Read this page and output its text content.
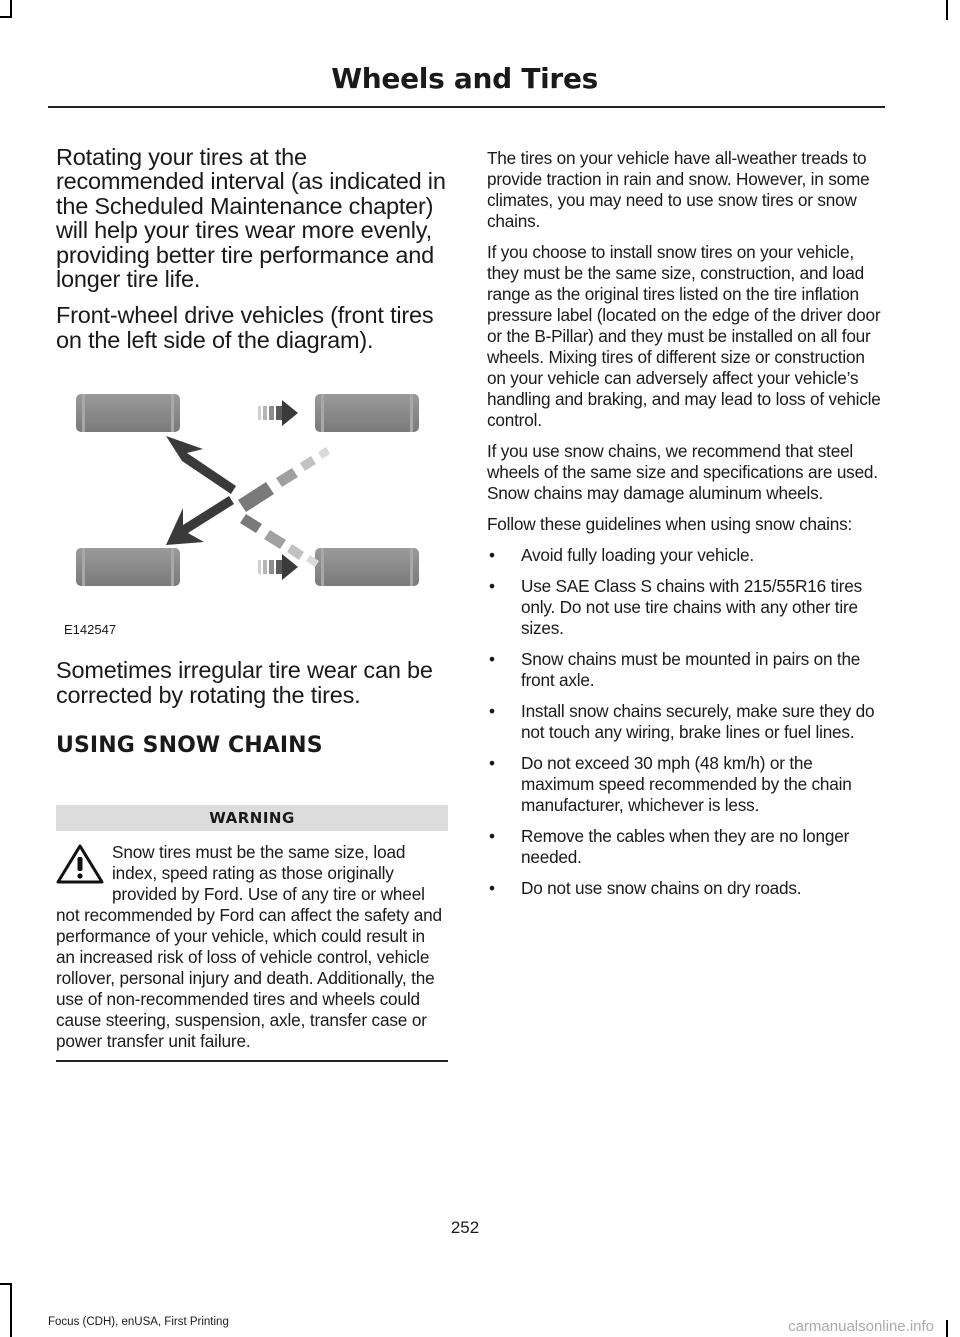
Wheels and Tires

Rotating your tires at the recommended interval (as indicated in the Scheduled Maintenance chapter) will help your tires wear more evenly, providing better tire performance and longer tire life.

Front-wheel drive vehicles (front tires on the left side of the diagram).

E142547

Sometimes irregular tire wear can be corrected by rotating the tires.

USING SNOW CHAINS
WARNING
Snow tires must be the same size, load index, speed rating as those originally provided by Ford. Use of any tire or wheel not recommended by Ford can affect the safety and performance of your vehicle, which could result in an increased risk of loss of vehicle control, vehicle rollover, personal injury and death. Additionally, the use of non-recommended tires and wheels could cause steering, suspension, axle, transfer case or power transfer unit failure.

The tires on your vehicle have all-weather treads to provide traction in rain and snow. However, in some climates, you may need to use snow tires or snow chains.

If you choose to install snow tires on your vehicle, they must be the same size, construction, and load range as the original tires listed on the tire inflation pressure label (located on the edge of the driver door or the B-Pillar) and they must be installed on all four wheels. Mixing tires of different size or construction on your vehicle can adversely affect your vehicle’s handling and braking, and may lead to loss of vehicle control.

If you use snow chains, we recommend that steel wheels of the same size and specifications are used. Snow chains may damage aluminum wheels.

Follow these guidelines when using snow chains:

• Avoid fully loading your vehicle.
• Use SAE Class S chains with 215/55R16 tires only. Do not use tire chains with any other tire sizes.
• Snow chains must be mounted in pairs on the front axle.
• Install snow chains securely, make sure they do not touch any wiring, brake lines or fuel lines.
• Do not exceed 30 mph (48 km/h) or the maximum speed recommended by the chain manufacturer, whichever is less.
• Remove the cables when they are no longer needed.
• Do not use snow chains on dry roads.
252
Focus (CDH), enUSA, First Printing	carmanualsonline.info
